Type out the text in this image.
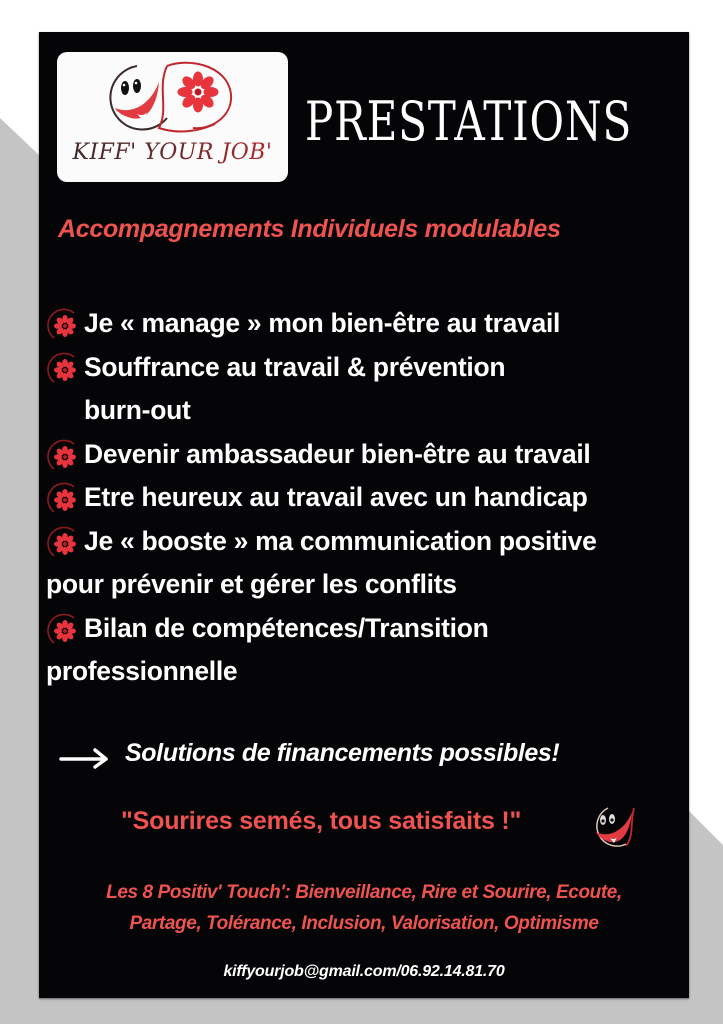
KIFF' YOUR JOB' PRESTATIONS
Accompagnements Individuels modulables
Je « manage » mon bien-être au travail
Souffrance au travail & prévention
burn-out
Devenir ambassadeur bien-être au travail
Etre heureux au travail avec un handicap
Je « booste » ma communication positive
pour prévenir et gérer les conflits
Bilan de compétences/Transition
professionnelle
Solutions de financements possibles!
"Sourires semés, tous satisfaits !"
Les 8 Positiv' Touch': Bienveillance, Rire et Sourire, Ecoute,
Partage, Tolérance, Inclusion, Valorisation, Optimisme
kiffyourjob@gmail.com/06.92.14.81.70
